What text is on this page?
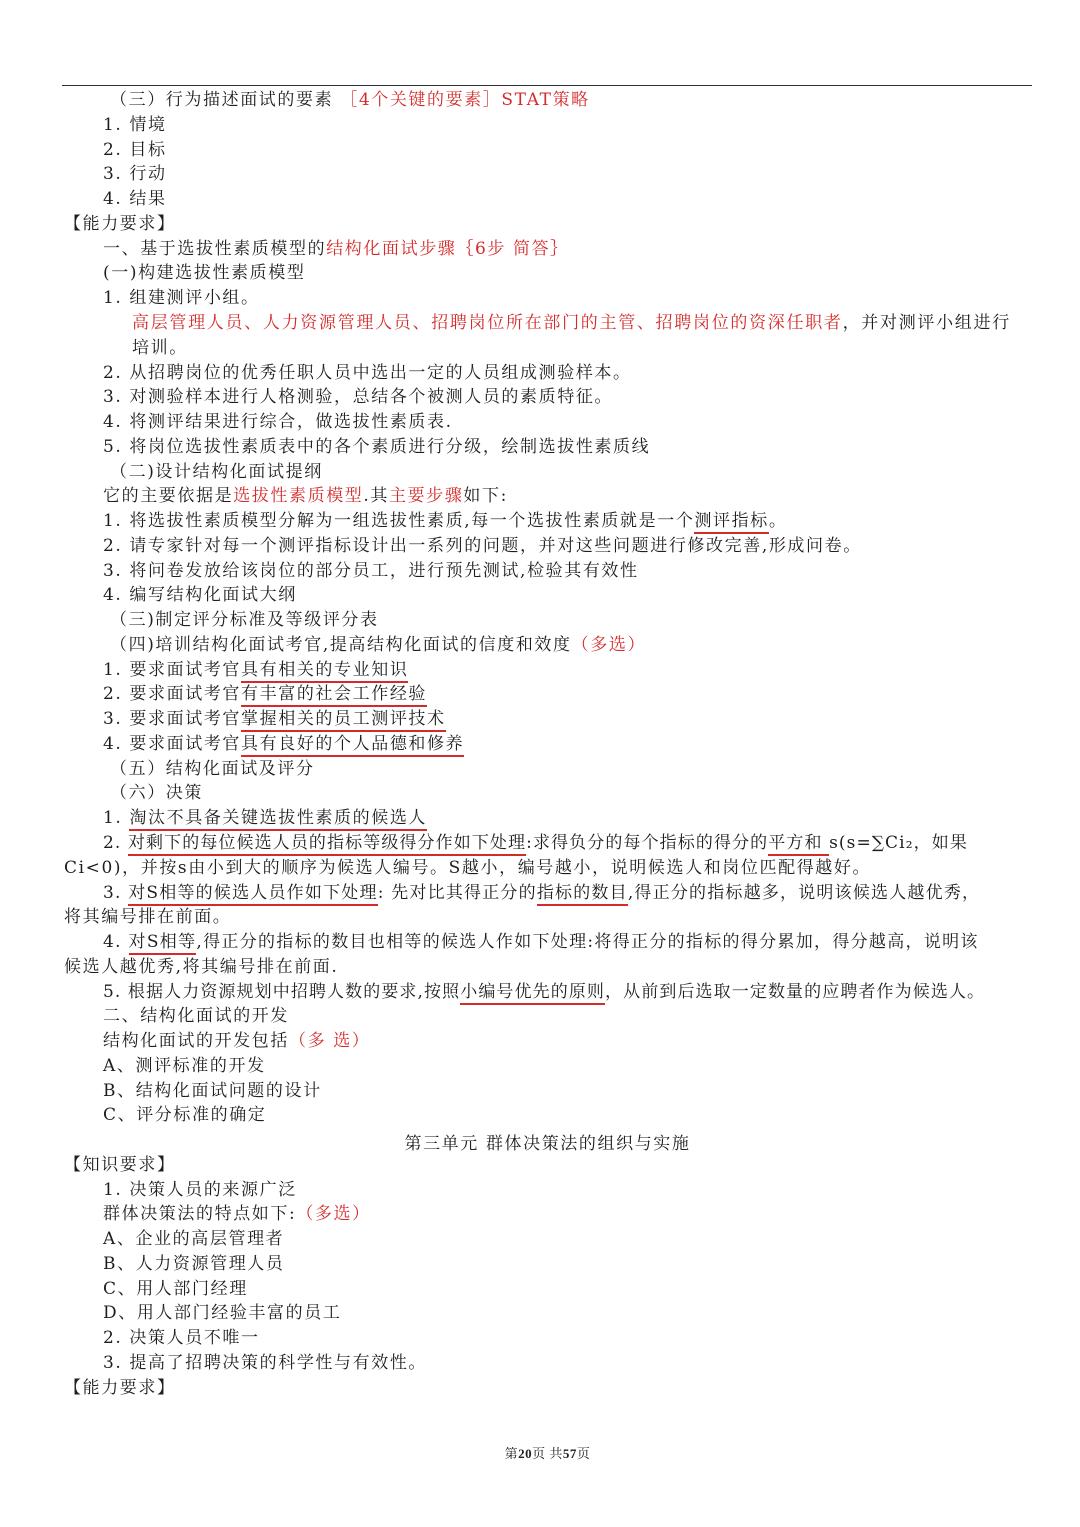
（三）行为描述面试的要素 ［4个关键的要素］STAT策略
1. 情境
2. 目标
3. 行动
4. 结果
【能力要求】
一、基于选拔性素质模型的结构化面试步骤｛6步 简答｝
(一)构建选拔性素质模型
1. 组建测评小组。
高层管理人员、人力资源管理人员、招聘岗位所在部门的主管、招聘岗位的资深任职者，并对测评小组进行
培训。
2. 从招聘岗位的优秀任职人员中选出一定的人员组成测验样本。
3. 对测验样本进行人格测验，总结各个被测人员的素质特征。
4. 将测评结果进行综合，做选拔性素质表.
5. 将岗位选拔性素质表中的各个素质进行分级，绘制选拔性素质线
（二)设计结构化面试提纲
它的主要依据是选拔性素质模型.其主要步骤如下:
1. 将选拔性素质模型分解为一组选拔性素质,每一个选拔性素质就是一个测评指标。
2. 请专家针对每一个测评指标设计出一系列的问题，并对这些问题进行修改完善,形成问卷。
3. 将问卷发放给该岗位的部分员工，进行预先测试,检验其有效性
4. 编写结构化面试大纲
（三)制定评分标准及等级评分表
（四)培训结构化面试考官,提高结构化面试的信度和效度（多选）
1. 要求面试考官具有相关的专业知识
2. 要求面试考官有丰富的社会工作经验
3. 要求面试考官掌握相关的员工测评技术
4. 要求面试考官具有良好的个人品德和修养
（五）结构化面试及评分
（六）决策
1. 淘汰不具备关键选拔性素质的候选人
2. 对剩下的每位候选人员的指标等级得分作如下处理:求得负分的每个指标的得分的平方和 s(s=∑Ci₂，如果
Ci<0)，并按s由小到大的顺序为候选人编号。S越小，编号越小，说明候选人和岗位匹配得越好。
3. 对S相等的候选人员作如下处理: 先对比其得正分的指标的数目,得正分的指标越多，说明该候选人越优秀，
将其编号排在前面。
4. 对S相等,得正分的指标的数目也相等的候选人作如下处理:将得正分的指标的得分累加，得分越高，说明该
候选人越优秀,将其编号排在前面.
5. 根据人力资源规划中招聘人数的要求,按照小编号优先的原则，从前到后选取一定数量的应聘者作为候选人。
二、结构化面试的开发
结构化面试的开发包括（多 选）
A、测评标准的开发
B、结构化面试问题的设计
C、评分标准的确定
第三单元 群体决策法的组织与实施
【知识要求】
1. 决策人员的来源广泛
群体决策法的特点如下:（多选）
A、企业的高层管理者
B、人力资源管理人员
C、用人部门经理
D、用人部门经验丰富的员工
2. 决策人员不唯一
3. 提高了招聘决策的科学性与有效性。
【能力要求】
第20页 共57页
